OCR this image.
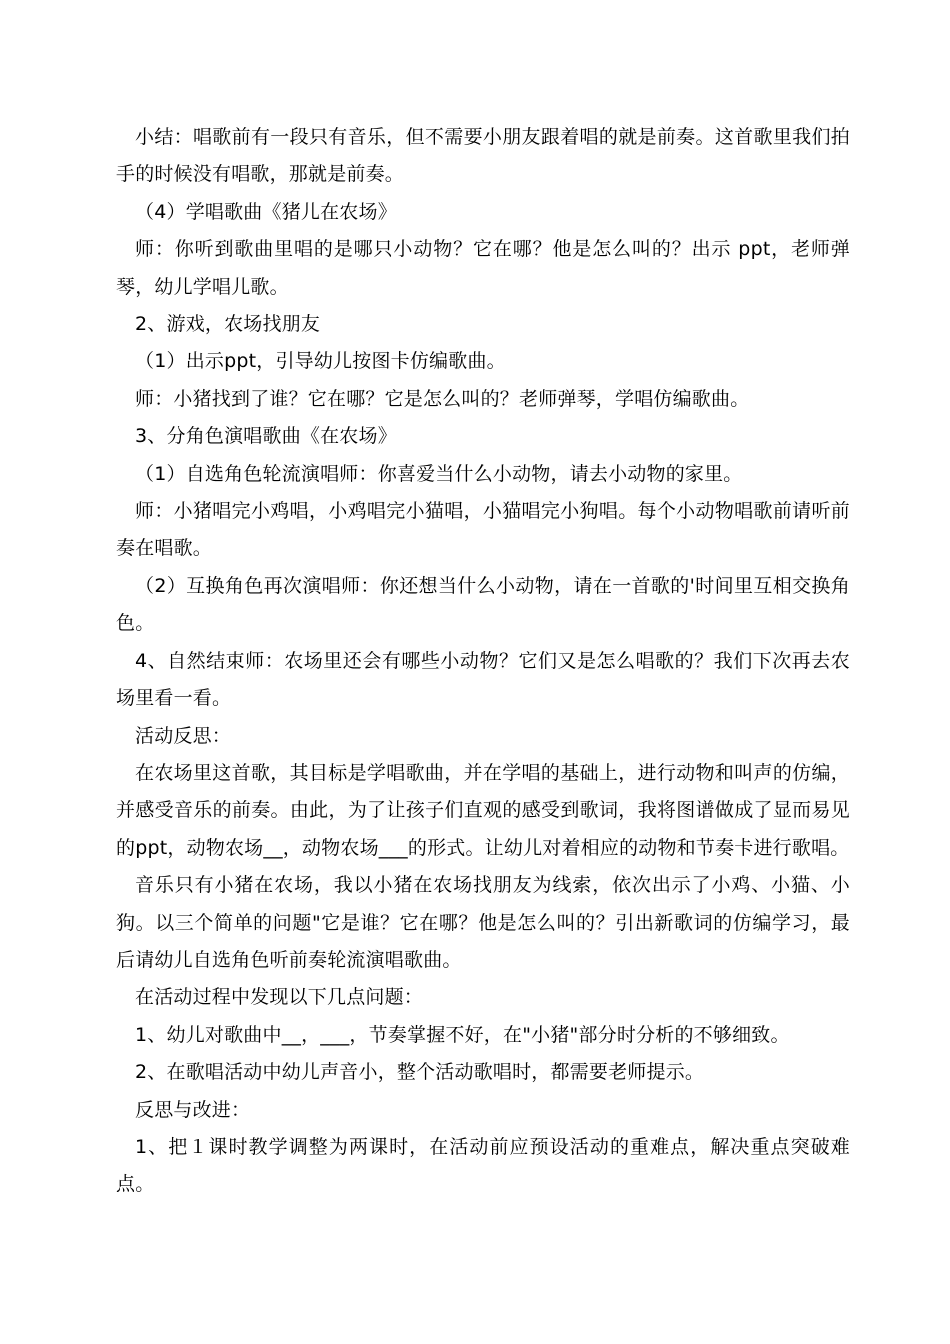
小结：唱歌前有一段只有音乐，但不需要小朋友跟着唱的就是前奏。这首歌里我们拍手的时候没有唱歌，那就是前奏。

（4）学唱歌曲《猪儿在农场》

师：你听到歌曲里唱的是哪只小动物？它在哪？他是怎么叫的？出示 ppt，老师弹琴，幼儿学唱儿歌。

2、游戏，农场找朋友

（1）出示ppt，引导幼儿按图卡仿编歌曲。

师：小猪找到了谁？它在哪？它是怎么叫的？老师弹琴，学唱仿编歌曲。

3、分角色演唱歌曲《在农场》

（1）自选角色轮流演唱师：你喜爱当什么小动物，请去小动物的家里。

师：小猪唱完小鸡唱，小鸡唱完小猫唱，小猫唱完小狗唱。每个小动物唱歌前请听前奏在唱歌。

（2）互换角色再次演唱师：你还想当什么小动物，请在一首歌的'时间里互相交换角色。

4、自然结束师：农场里还会有哪些小动物？它们又是怎么唱歌的？我们下次再去农场里看一看。

活动反思：

在农场里这首歌，其目标是学唱歌曲，并在学唱的基础上，进行动物和叫声的仿编，并感受音乐的前奏。由此，为了让孩子们直观的感受到歌词，我将图谱做成了显而易见的ppt，动物农场__，动物农场___的形式。让幼儿对着相应的动物和节奏卡进行歌唱。

音乐只有小猪在农场，我以小猪在农场找朋友为线索，依次出示了小鸡、小猫、小狗。以三个简单的问题"它是谁？它在哪？他是怎么叫的？引出新歌词的仿编学习，最后请幼儿自选角色听前奏轮流演唱歌曲。

在活动过程中发现以下几点问题：

1、幼儿对歌曲中__，___，节奏掌握不好，在"小猪"部分时分析的不够细致。

2、在歌唱活动中幼儿声音小，整个活动歌唱时，都需要老师提示。

反思与改进：

1、把１课时教学调整为两课时，在活动前应预设活动的重难点，解决重点突破难点。
